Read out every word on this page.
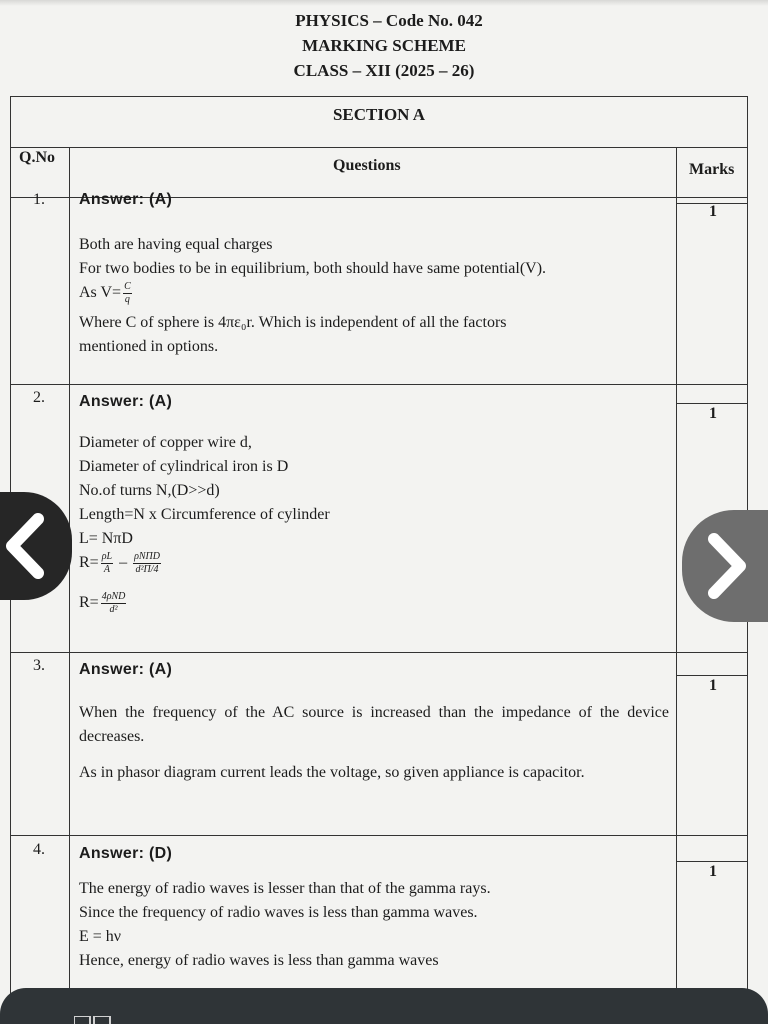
PHYSICS – Code No. 042
MARKING SCHEME
CLASS – XII (2025 – 26)
SECTION A
Q.No	Questions	Marks
1. Answer: (A)
1
Both are having equal charges
For two bodies to be in equilibrium, both should have same potential(V).
As $V= \frac{C}{q}$
Where C of sphere is 4πε₀r. Which is independent of all the factors
mentioned in options.
2. Answer: (A)
1
Diameter of copper wire d,
Diameter of cylindrical iron is D
No.of turns N,(D>>d)
Length=N x Circumference of cylinder
L= NπD
$R= \frac{\rho L}{A} - \frac{\text{ρNΠD}}{\text{d²Π/4}}$
$R= \frac{\text{4ρND}}{\text{d²}}$
3. Answer: (A)
1
When the frequency of the AC source is increased than the impedance of the device decreases.
As in phasor diagram current leads the voltage, so given appliance is capacitor.
4. Answer: (D)
1
The energy of radio waves is lesser than that of the gamma rays.
Since the frequency of radio waves is less than gamma waves.
E = hν
Hence, energy of radio waves is less than gamma waves
